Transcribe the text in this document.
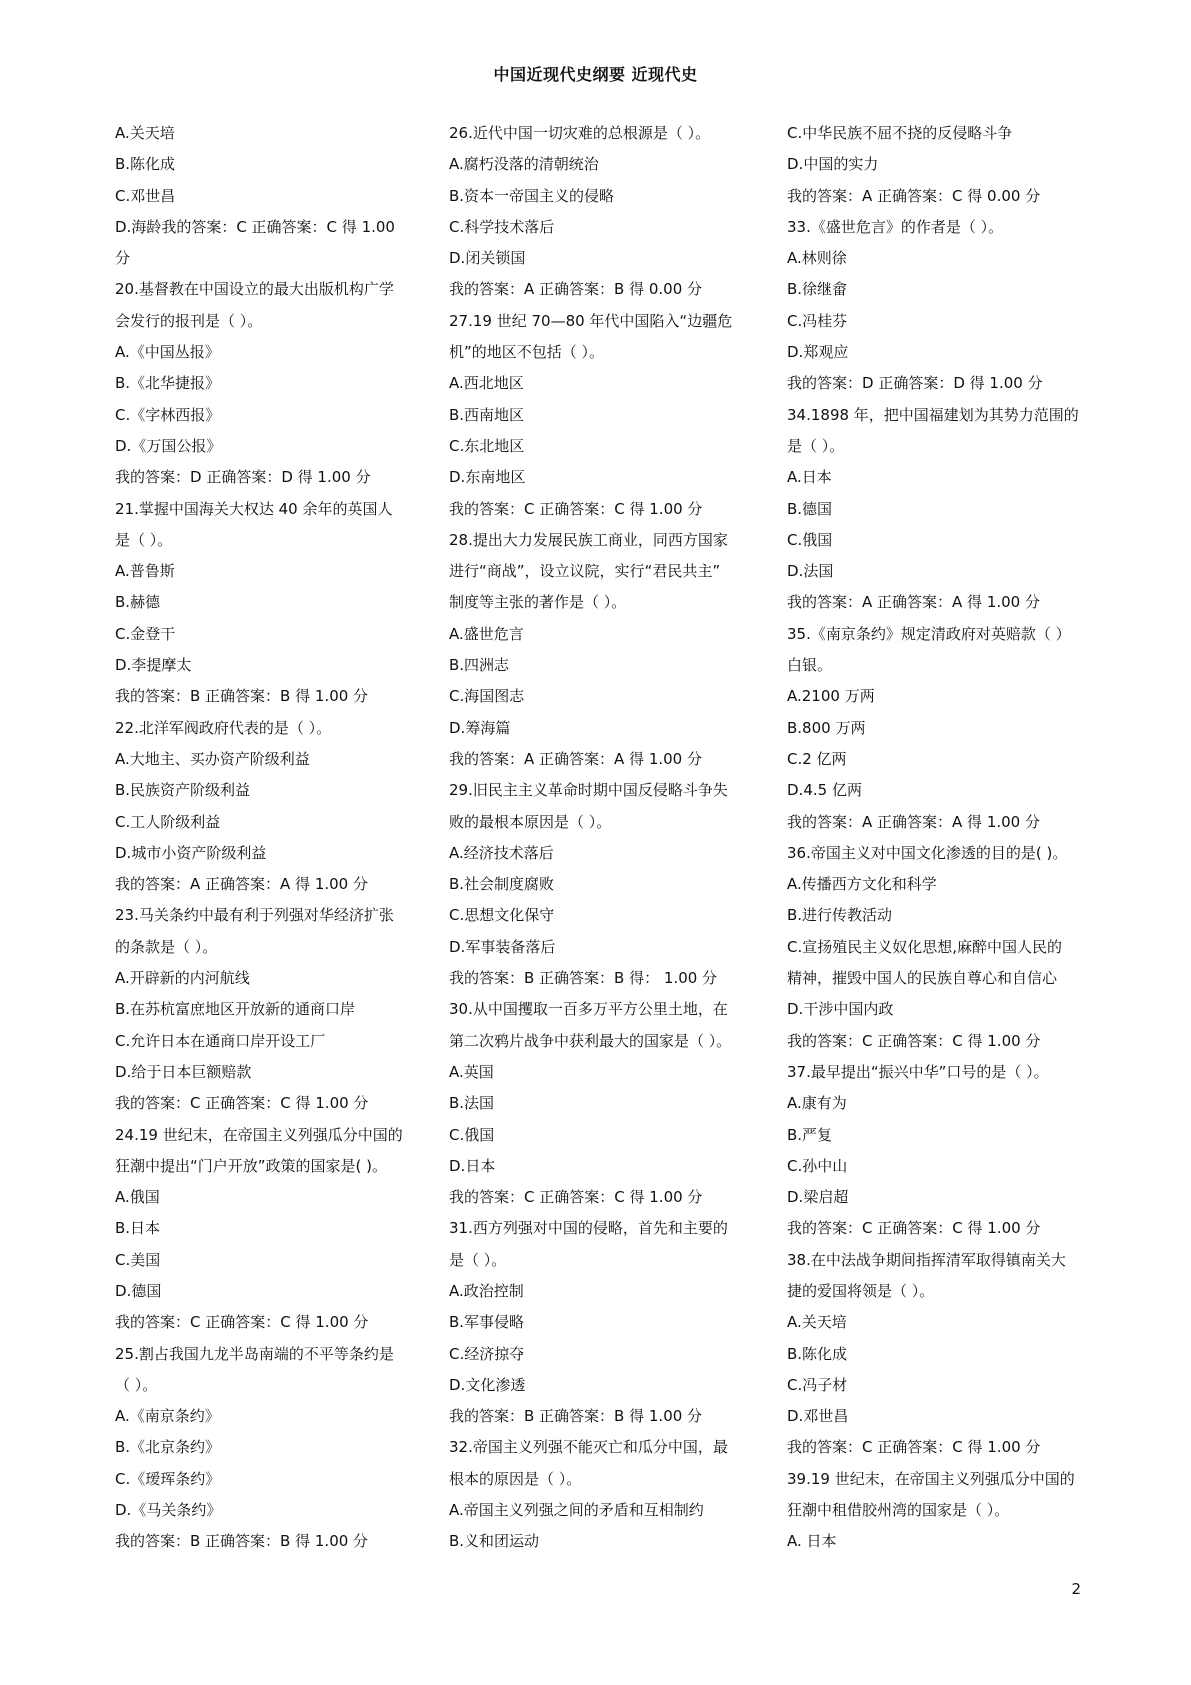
中国近现代史纲要 近现代史
A.关天培
B.陈化成
C.邓世昌
D.海龄我的答案：C 正确答案：C 得 1.00
分
20.基督教在中国设立的最大出版机构广学
会发行的报刊是（ ）。
A.《中国丛报》
B.《北华捷报》
C.《字林西报》
D.《万国公报》
我的答案：D 正确答案：D 得 1.00 分
21.掌握中国海关大权达 40 余年的英国人
是（ ）。
A.普鲁斯
B.赫德
C.金登干
D.李提摩太
我的答案：B 正确答案：B 得 1.00 分
22.北洋军阀政府代表的是（ ）。
A.大地主、买办资产阶级利益
B.民族资产阶级利益
C.工人阶级利益
D.城市小资产阶级利益
我的答案：A 正确答案：A 得 1.00 分
23.马关条约中最有利于列强对华经济扩张
的条款是（ ）。
A.开辟新的内河航线
B.在苏杭富庶地区开放新的通商口岸
C.允许日本在通商口岸开设工厂
D.给于日本巨额赔款
我的答案：C 正确答案：C 得 1.00 分
24.19 世纪末，在帝国主义列强瓜分中国的
狂潮中提出“门户开放”政策的国家是( )。
A.俄国
B.日本
C.美国
D.德国
我的答案：C 正确答案：C 得 1.00 分
25.割占我国九龙半岛南端的不平等条约是
（ ）。
A.《南京条约》
B.《北京条约》
C.《瑷珲条约》
D.《马关条约》
我的答案：B 正确答案：B 得 1.00 分
26.近代中国一切灾难的总根源是（ ）。
A.腐朽没落的清朝统治
B.资本一帝国主义的侵略
C.科学技术落后
D.闭关锁国
我的答案：A 正确答案：B 得 0.00 分
27.19 世纪 70—80 年代中国陷入“边疆危
机”的地区不包括（ ）。
A.西北地区
B.西南地区
C.东北地区
D.东南地区
我的答案：C 正确答案：C 得 1.00 分
28.提出大力发展民族工商业，同西方国家
进行“商战”，设立议院，实行“君民共主”
制度等主张的著作是（ ）。
A.盛世危言
B.四洲志
C.海国图志
D.筹海篇
我的答案：A 正确答案：A 得 1.00 分
29.旧民主主义革命时期中国反侵略斗争失
败的最根本原因是（ ）。
A.经济技术落后
B.社会制度腐败
C.思想文化保守
D.军事装备落后
我的答案：B 正确答案：B 得： 1.00 分
30.从中国攫取一百多万平方公里土地，在
第二次鸦片战争中获利最大的国家是（ ）。
A.英国
B.法国
C.俄国
D.日本
我的答案：C 正确答案：C 得 1.00 分
31.西方列强对中国的侵略，首先和主要的
是（ ）。
A.政治控制
B.军事侵略
C.经济掠夺
D.文化渗透
我的答案：B 正确答案：B 得 1.00 分
32.帝国主义列强不能灭亡和瓜分中国，最
根本的原因是（ ）。
A.帝国主义列强之间的矛盾和互相制约
B.义和团运动
C.中华民族不屈不挠的反侵略斗争
D.中国的实力
我的答案：A 正确答案：C 得 0.00 分
33.《盛世危言》的作者是（ ）。
A.林则徐
B.徐继畲
C.冯桂芬
D.郑观应
我的答案：D 正确答案：D 得 1.00 分
34.1898 年，把中国福建划为其势力范围的
是（ ）。
A.日本
B.德国
C.俄国
D.法国
我的答案：A 正确答案：A 得 1.00 分
35.《南京条约》规定清政府对英赔款（ ）
白银。
A.2100 万两
B.800 万两
C.2 亿两
D.4.5 亿两
我的答案：A 正确答案：A 得 1.00 分
36.帝国主义对中国文化渗透的目的是( )。
A.传播西方文化和科学
B.进行传教活动
C.宣扬殖民主义奴化思想,麻醉中国人民的
精神，摧毁中国人的民族自尊心和自信心
D.干涉中国内政
我的答案：C 正确答案：C 得 1.00 分
37.最早提出“振兴中华”口号的是（ ）。
A.康有为
B.严复
C.孙中山
D.梁启超
我的答案：C 正确答案：C 得 1.00 分
38.在中法战争期间指挥清军取得镇南关大
捷的爱国将领是（ ）。
A.关天培
B.陈化成
C.冯子材
D.邓世昌
我的答案：C 正确答案：C 得 1.00 分
39.19 世纪末，在帝国主义列强瓜分中国的
狂潮中租借胶州湾的国家是（ ）。
A. 日本
2
